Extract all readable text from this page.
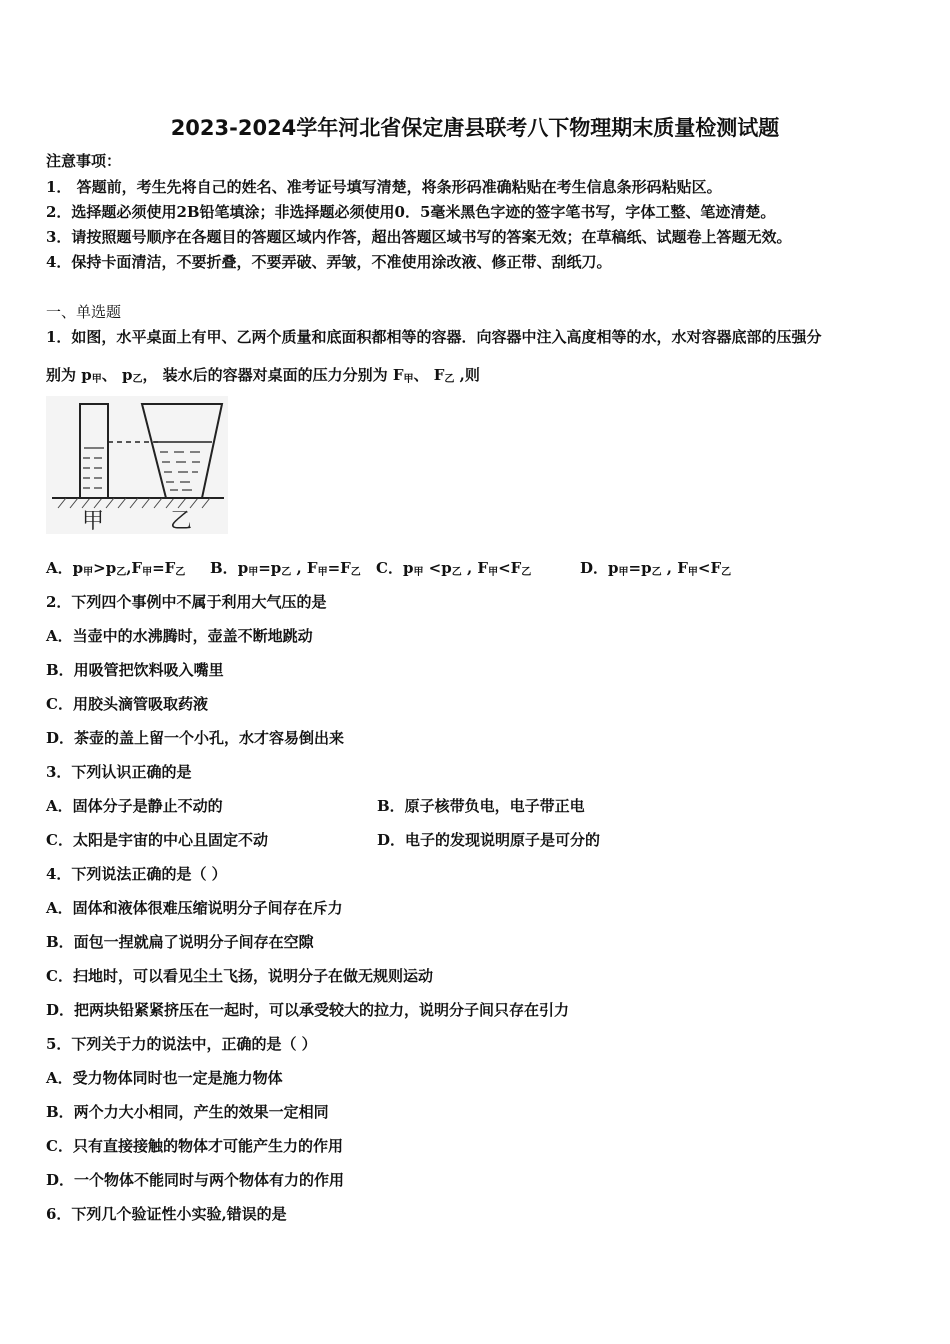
2023-2024学年河北省保定唐县联考八下物理期末质量检测试题
注意事项：
1． 答题前，考生先将自己的姓名、准考证号填写清楚，将条形码准确粘贴在考生信息条形码粘贴区。
2．选择题必须使用2B铅笔填涂；非选择题必须使用0．5毫米黑色字迹的签字笔书写，字体工整、笔迹清楚。
3．请按照题号顺序在各题目的答题区域内作答，超出答题区域书写的答案无效；在草稿纸、试题卷上答题无效。
4．保持卡面清洁，不要折叠，不要弄破、弄皱，不准使用涂改液、修正带、刮纸刀。
一、单选题
1．如图，水平桌面上有甲、乙两个质量和底面积都相等的容器．向容器中注入高度相等的水，水对容器底部的压强分
别为 $p_甲$、 $p_乙$， 装水后的容器对桌面的压力分别为 $F_甲$、 $F_乙$ ,则
甲	乙
A．$p_甲>p_乙,F_甲=F_乙$ B．$p_甲=p_乙$ , $F_甲=F_乙$ C．$p_甲 <p_乙$ , $F_甲<F_乙$	D．$p_甲=p_乙$ , $F_甲<F_乙$
2．下列四个事例中不属于利用大气压的是
A．当壶中的水沸腾时，壶盖不断地跳动
B．用吸管把饮料吸入嘴里
C．用胶头滴管吸取药液
D．茶壶的盖上留一个小孔，水才容易倒出来
3．下列认识正确的是
A．固体分子是静止不动的	B．原子核带负电，电子带正电
C．太阳是宇宙的中心且固定不动	D．电子的发现说明原子是可分的
4．下列说法正确的是（ ）
A．固体和液体很难压缩说明分子间存在斥力
B．面包一捏就扁了说明分子间存在空隙
C．扫地时，可以看见尘土飞扬，说明分子在做无规则运动
D．把两块铅紧紧挤压在一起时，可以承受较大的拉力，说明分子间只存在引力
5．下列关于力的说法中，正确的是（ ）
A．受力物体同时也一定是施力物体
B．两个力大小相同，产生的效果一定相同
C．只有直接接触的物体才可能产生力的作用
D．一个物体不能同时与两个物体有力的作用
6．下列几个验证性小实验,错误的是
